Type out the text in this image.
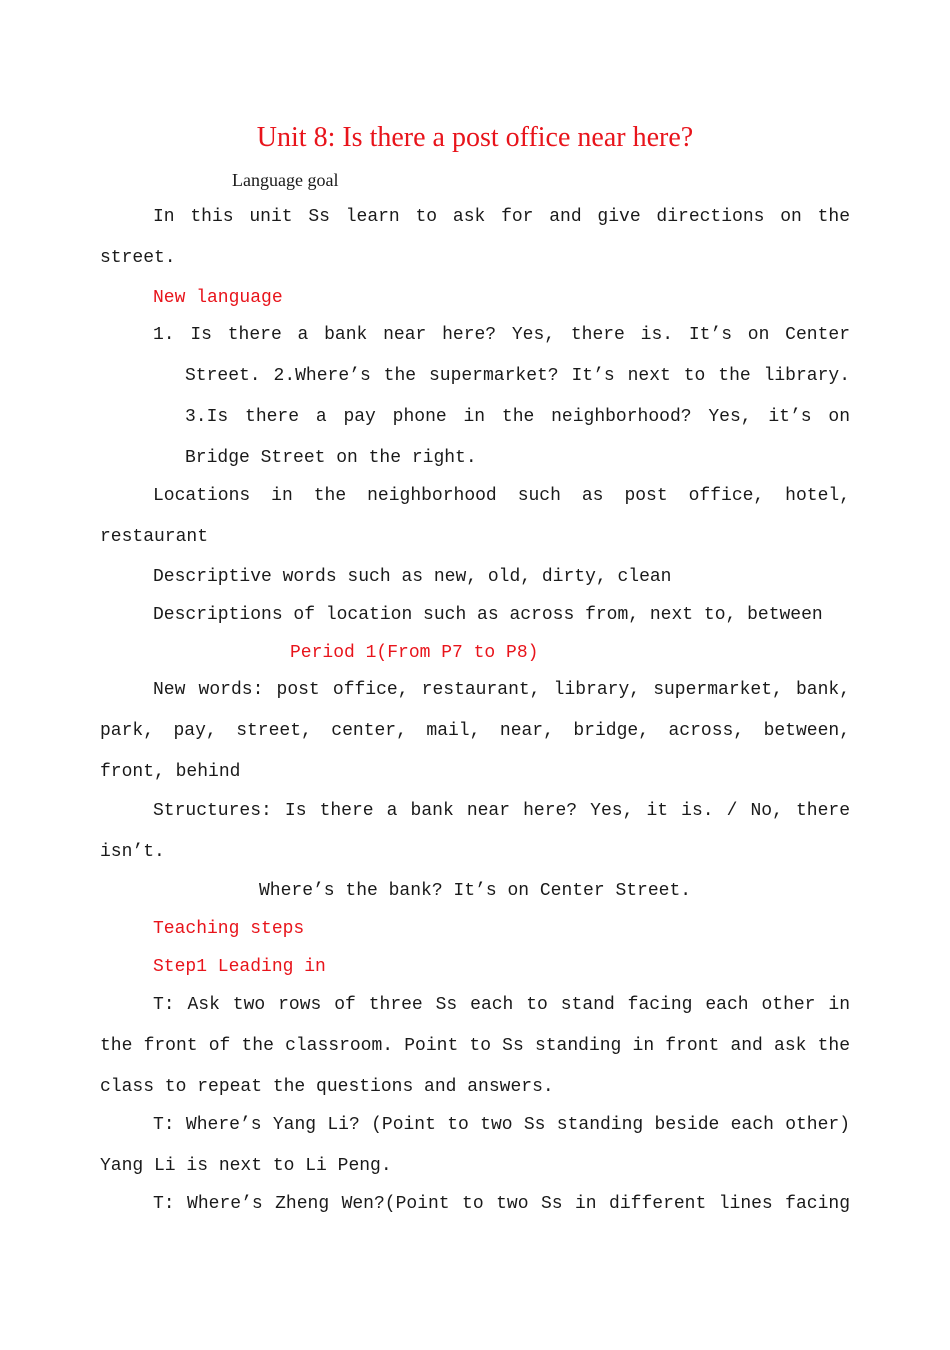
Unit 8: Is there a post office near here?
Language goal
In this unit Ss learn to ask for and give directions on the street.
New language
1. Is there a bank near here? Yes, there is. It’s on Center Street. 2.Where’s the supermarket? It’s next to the library. 3.Is there a pay phone in the neighborhood? Yes, it’s on Bridge Street on the right.
Locations in the neighborhood such as post office, hotel, restaurant
Descriptive words such as new, old, dirty, clean
Descriptions of location such as across from, next to, between
Period 1(From P7 to P8)
New words: post office, restaurant, library, supermarket, bank, park, pay, street, center, mail, near, bridge, across, between, front, behind
Structures: Is there a bank near here? Yes, it is. / No, there isn’t.
Where’s the bank? It’s on Center Street.
Teaching steps
Step1 Leading in
T: Ask two rows of three Ss each to stand facing each other in the front of the classroom. Point to Ss standing in front and ask the class to repeat the questions and answers.
T: Where’s Yang Li? (Point to two Ss standing beside each other) Yang Li is next to Li Peng.
T: Where’s Zheng Wen?(Point to two Ss in different lines facing
